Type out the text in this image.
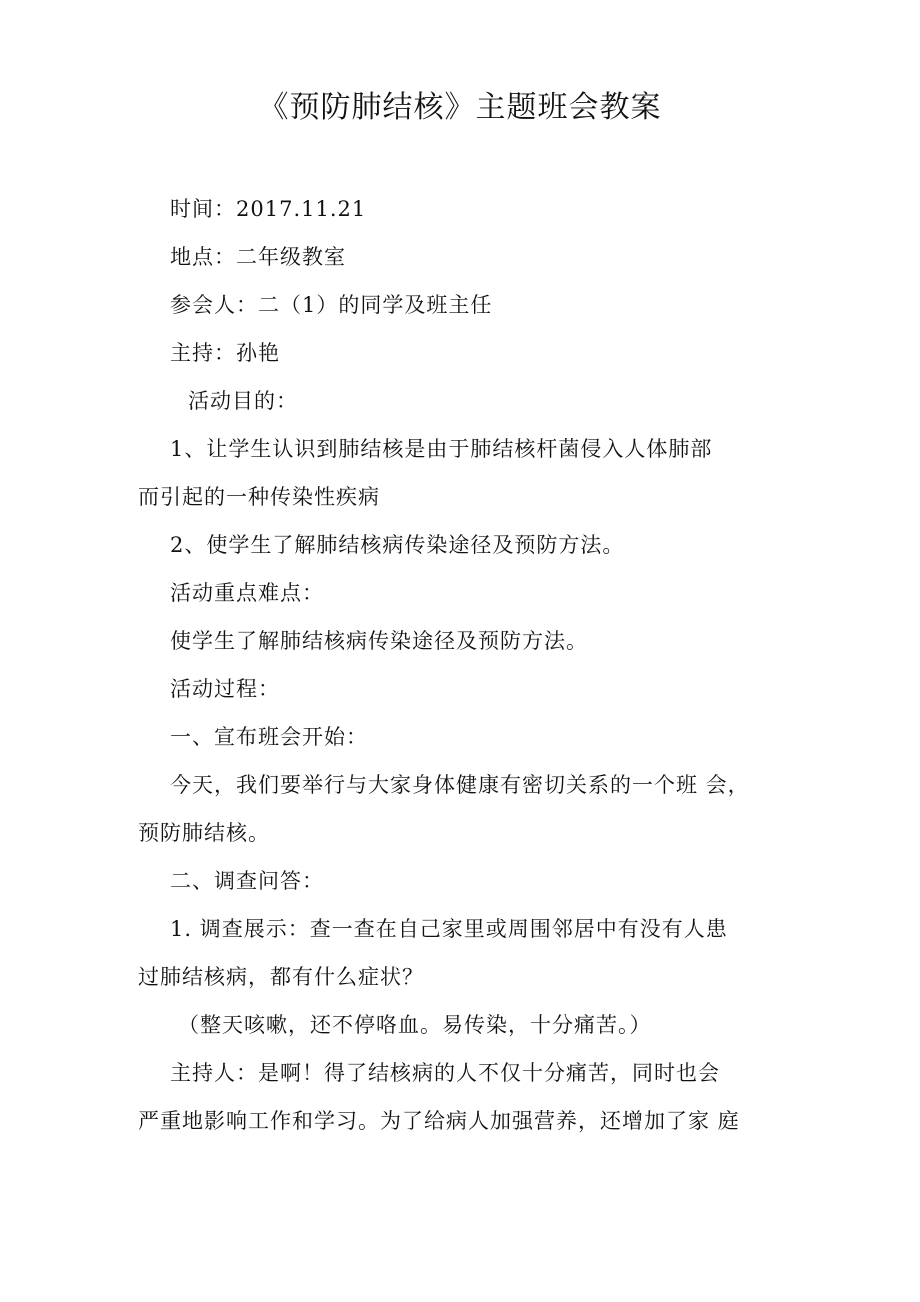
《预防肺结核》主题班会教案
时间：2017.11.21
地点：二年级教室
参会人：二（1）的同学及班主任
主持：孙艳
活动目的：
1、让学生认识到肺结核是由于肺结核杆菌侵入人体肺部
而引起的一种传染性疾病
2、使学生了解肺结核病传染途径及预防方法。
活动重点难点：
使学生了解肺结核病传染途径及预防方法。
活动过程：
一、宣布班会开始：
今天，我们要举行与大家身体健康有密切关系的一个班 会，
预防肺结核。
二、调查问答：
1. 调查展示：查一查在自己家里或周围邻居中有没有人患
过肺结核病，都有什么症状？
（整天咳嗽，还不停咯血。易传染，十分痛苦。）
主持人：是啊！得了结核病的人不仅十分痛苦，同时也会
严重地影响工作和学习。为了给病人加强营养，还增加了家 庭
